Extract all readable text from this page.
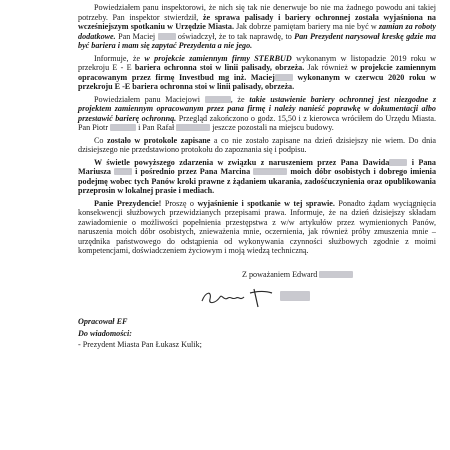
Powiedziałem panu inspektorowi, że nich się tak nie denerwuje bo nie ma żadnego powodu ani takiej potrzeby. Pan inspektor stwierdził, że sprawa palisady i bariery ochronnej została wyjaśniona na wcześniejszym spotkaniu w Urzędzie Miasta. Jak dobrze pamiętam bariery ma nie być w zamian za roboty dodatkowe. Pan Maciej  oświadczył, że to tak naprawdę, to Pan Prezydent narysował kreskę gdzie ma być bariera i mam się zapytać Prezydenta a nie jego.

Informuje, że w projekcie zamiennym firmy STERBUD wykonanym w listopadzie 2019 roku w przekroju E - E bariera ochronna stoi w linii palisady, obrzeża. Jak również w projekcie zamiennym opracowanym przez firmę Investbud mg inż. Maciej wykonanym w czerwcu 2020 roku w przekroju E -E bariera ochronna stoi w linii palisady, obrzeża.

Powiedziałem panu Maciejowi	, że takie ustawienie bariery ochronnej jest niezgodne z projektem zamiennym opracowanym przez pana firmę i należy nanieść poprawkę w dokumentacji albo przestawić barierę ochronną. Przegląd zakończono o godz. 15,50 i z kierowca wróciłem do Urzędu Miasta. Pan Piotr	i Pan Rafał	jeszcze pozostali na miejscu budowy.

Co zostało w protokole zapisane a co nie zostało zapisane na dzień dzisiejszy nie wiem. Do dnia dzisiejszego nie przedstawiono protokołu do zapoznania się i podpisu.

W świetle powyższego zdarzenia w związku z naruszeniem przez Pana Dawida i Pana Mariusza  i pośrednio przez Pana Marcina	moich dóbr osobistych i dobrego imienia podejmę wobec tych Panów kroki prawne z żądaniem ukarania, zadośćuczynienia oraz opublikowania przeprosin w lokalnej prasie i mediach.

Panie Prezydencie! Proszę o wyjaśnienie i spotkanie w tej sprawie. Ponadto żądam wyciągnięcia konsekwencji służbowych przewidzianych przepisami prawa. Informuje, że na dzień dzisiejszy składam zawiadomienie o możliwości popełnienia przestępstwa z w/w artykułów przez wymienionych Panów, naruszenia moich dóbr osobistych, znieważenia mnie, oczernienia, jak również próby zmuszenia mnie – urzędnika państwowego do odstąpienia od wykonywania czynności służbowych zgodnie z moimi kompetencjami, doświadczeniem życiowym i moją wiedzą techniczną.

Z poważaniem Edward

Opracował EF

Do wiadomości:

- Prezydent Miasta Pan Łukasz Kulik;
